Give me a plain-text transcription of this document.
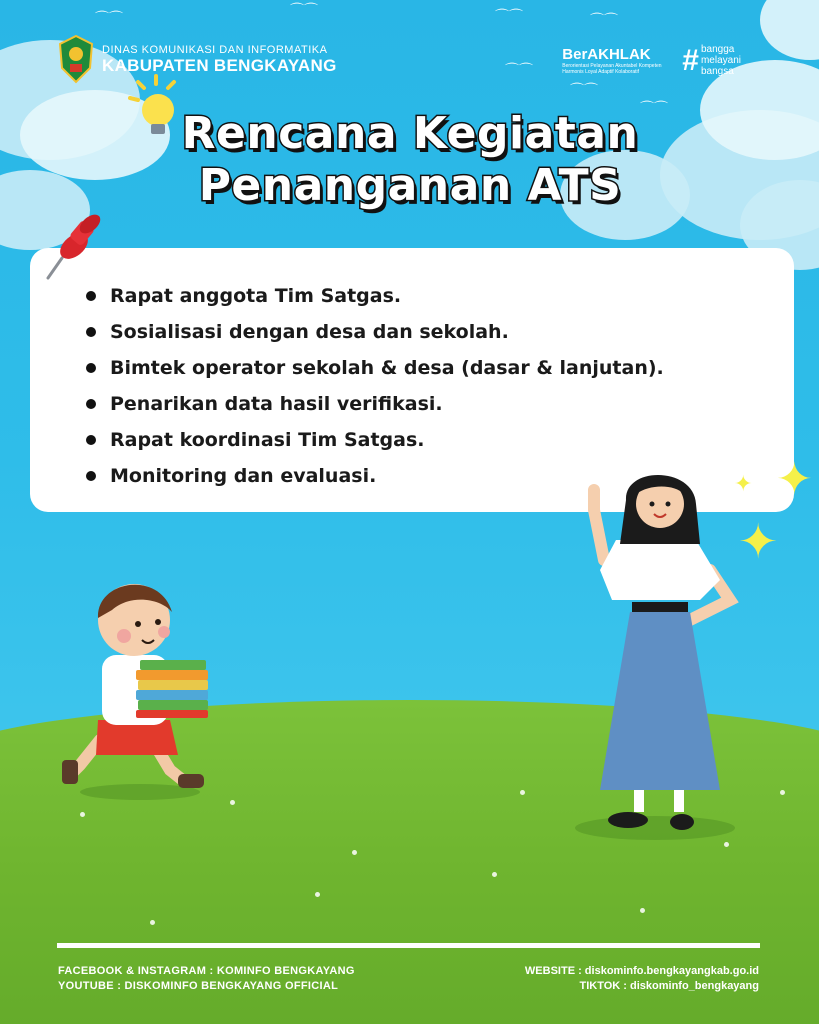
⌒⌒	⌒⌒	⌒⌒	⌒⌒
⌒⌒
⌒⌒
⌒⌒
DINAS KOMUNIKASI DAN INFORMATIKA
KABUPATEN BENGKAYANG
BerAKHLAK
Berorientasi Pelayanan Akuntabel Kompeten Harmonis Loyal Adaptif Kolaboratif	# bangga
melayani
bangsa
Rencana Kegiatan
Penanganan ATS
Rapat anggota Tim Satgas.
Sosialisasi dengan desa dan sekolah.
Bimtek operator sekolah & desa (dasar & lanjutan).
Penarikan data hasil verifikasi.
Rapat koordinasi Tim Satgas.
Monitoring dan evaluasi.	✦ ✦
✦
FACEBOOK & INSTAGRAM : KOMINFO BENGKAYANG
YOUTUBE : DISKOMINFO BENGKAYANG OFFICIAL
WEBSITE : diskominfo.bengkayangkab.go.id
TIKTOK : diskominfo_bengkayang
